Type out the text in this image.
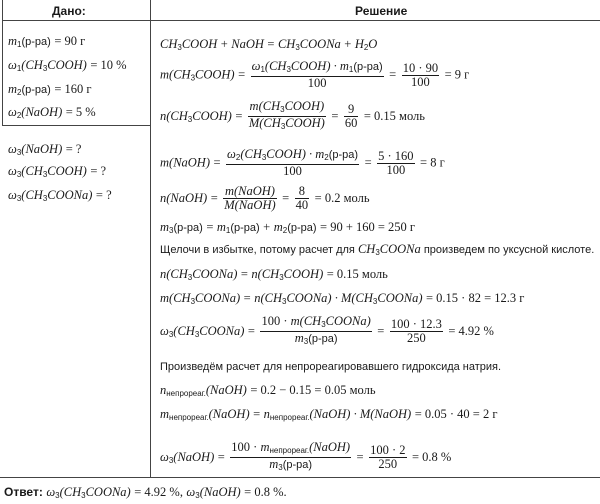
Дано:	Решение
$m_1(р-ра) = 90$ г
$\omega_1(CH_3COOH) = 10$ %
$m_2(р-ра) = 160$ г
$\omega_2(NaOH) = 5$ %
$\omega_3(NaOH)$ = ?
$\omega_3(CH_3COOH)$ = ?
$\omega_3(CH_3COONa)$ = ?
$CH_3COOH$ + NaOH = $CH_3COONa + H_2O$
$m(CH_3COOH) = \frac{\omega_1(CH_3COOH) \cdot m_1(р-ра)}{100} = \frac{10 \cdot 90}{100} = 9$ г
$n(CH_3COOH) = \frac{m(CH_3COOH)}{M(CH_3COOH)} = \frac{9}{60} = 0.15$ моль
m(NaOH) = $\frac{\omega_2(CH_3COOH) \cdot m_2(р-ра)}{100} = \frac{5 \cdot 160}{100} = 8$ г
n(NaOH) = $\frac{\text{m(NaOH)}}{\text{M(NaOH)}} = \frac{8}{40} = 0.2$ моль
$m_3(р-ра) = m_1(р-ра) + m_2(р-ра) = 90 + 160 = 250$ г
Щелочи в избытке, потому расчет для $CH_3COONa$ произведем по уксусной кислоте.
$n(CH_3COONa)$ = $n(CH_3COOH) = 0.15$ моль
$m(CH_3COONa)$ = $n(CH_3COONa)$ · $M(CH_3COONa) = 0.15 \cdot 82 = 12.3$ г
$\omega_3(CH_3COONa) = \frac{100 \cdot m(CH_3COONa)}{m_3(р-ра)} = \frac{100 \cdot 12.3}{250} = 4.92$ %
Произведём расчет для непрореагировавшего гидроксида натрия.
$n_{непрореаг.}(NaOH) = 0.2 - 0.15 = 0.05$ моль
$m_{непрореаг.}(NaOH)$ = $n_{непрореаг.}(NaOH)$ · M(NaOH) = 0.05 · 40 = 2 г
$\omega_3(NaOH) = \frac{100 \cdot m_{непрореаг.}(NaOH)}{m_3(р-ра)} = \frac{100 \cdot 2}{250} = 0.8$ %
Ответ: $\omega_3(CH_3COONa) = 4.92$ %, $\omega_3(NaOH) = 0.8$ %.
